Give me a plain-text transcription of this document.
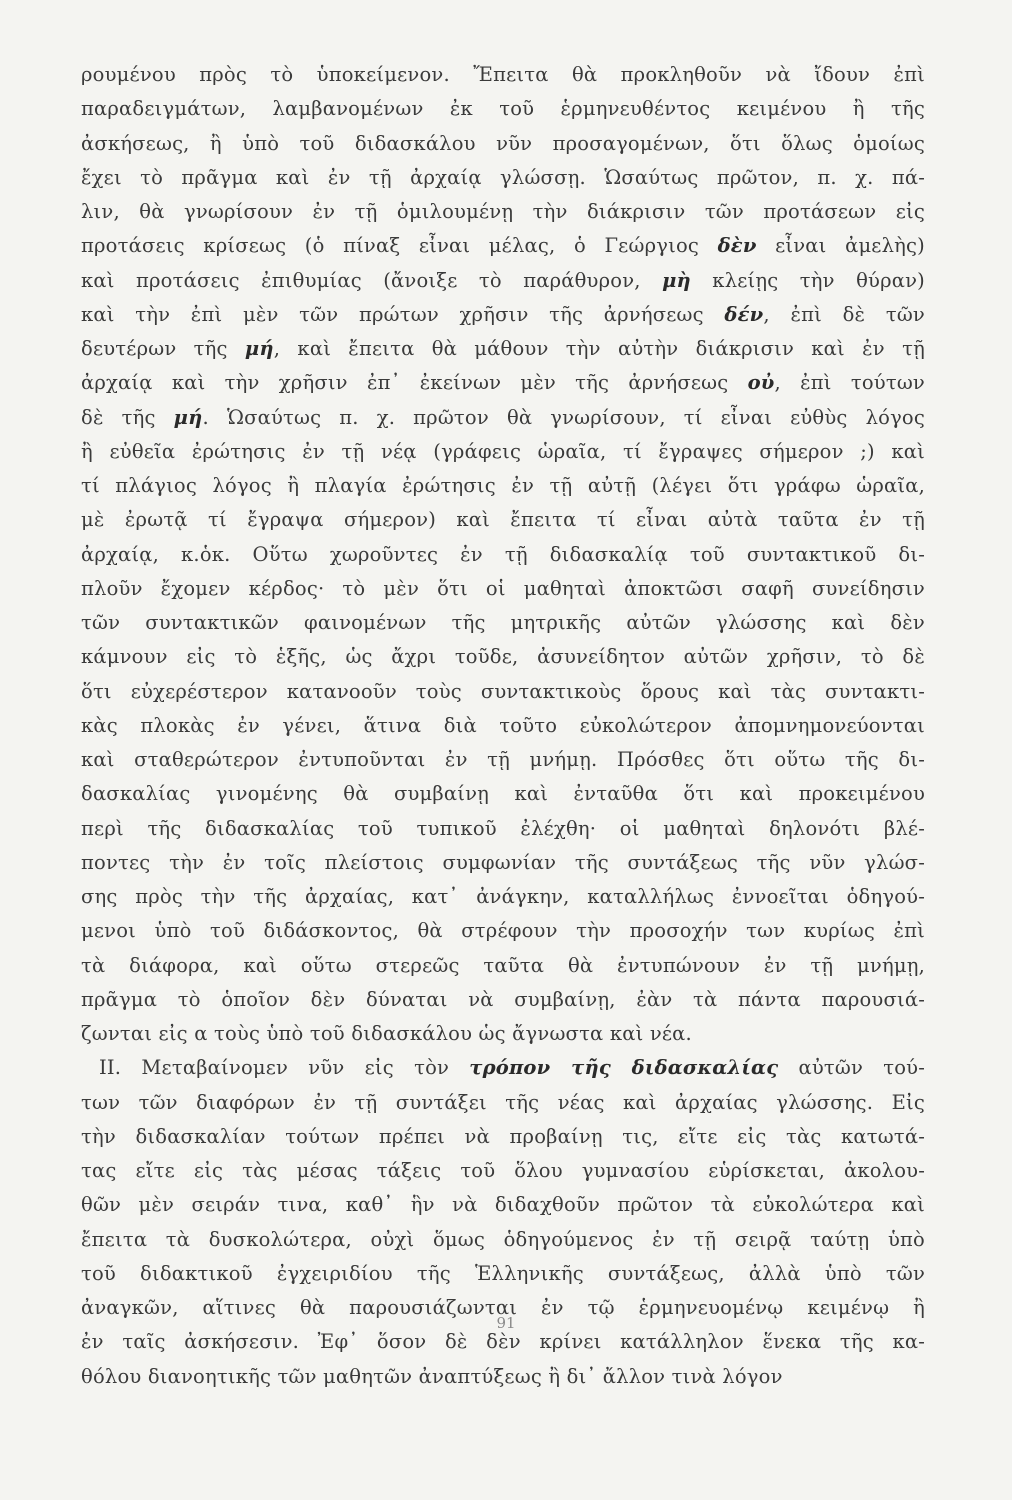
ρουμένου πρὸς τὸ ὑποκείμενον. Ἔπειτα θὰ προκληθοῦν νὰ ἴδουν ἐπὶ
παραδειγμάτων, λαμβανομένων ἐκ τοῦ ἑρμηνευθέντος κειμένου ἢ τῆς
ἀσκήσεως, ἢ ὑπὸ τοῦ διδασκάλου νῦν προσαγομένων, ὅτι ὅλως ὁμοίως
ἔχει τὸ πρᾶγμα καὶ ἐν τῇ ἀρχαίᾳ γλώσσῃ. Ὡσαύτως πρῶτον, π. χ. πά-
λιν, θὰ γνωρίσουν ἐν τῇ ὁμιλουμένῃ τὴν διάκρισιν τῶν προτάσεων εἰς
προτάσεις κρίσεως (ὁ πίναξ εἶναι μέλας, ὁ Γεώργιος δὲν εἶναι ἀμελὴς)
καὶ προτάσεις ἐπιθυμίας (ἄνοιξε τὸ παράθυρον, μὴ κλείῃς τὴν θύραν)
καὶ τὴν ἐπὶ μὲν τῶν πρώτων χρῆσιν τῆς ἀρνήσεως δέν, ἐπὶ δὲ τῶν
δευτέρων τῆς μή, καὶ ἔπειτα θὰ μάθουν τὴν αὐτὴν διάκρισιν καὶ ἐν τῇ
ἀρχαίᾳ καὶ τὴν χρῆσιν ἐπ᾿ ἐκείνων μὲν τῆς ἀρνήσεως οὐ, ἐπὶ τούτων
δὲ τῆς μή. Ὡσαύτως π. χ. πρῶτον θὰ γνωρίσουν, τί εἶναι εὐθὺς λόγος
ἢ εὐθεῖα ἐρώτησις ἐν τῇ νέᾳ (γράφεις ὡραῖα, τί ἔγραψες σήμερον ;) καὶ
τί πλάγιος λόγος ἢ πλαγία ἐρώτησις ἐν τῇ αὐτῇ (λέγει ὅτι γράφω ὡραῖα,
μὲ ἐρωτᾷ τί ἔγραψα σήμερον) καὶ ἔπειτα τί εἶναι αὐτὰ ταῦτα ἐν τῇ
ἀρχαίᾳ, κ.ὁκ. Οὕτω χωροῦντες ἐν τῇ διδασκαλίᾳ τοῦ συντακτικοῦ δι-
πλοῦν ἔχομεν κέρδος· τὸ μὲν ὅτι οἱ μαθηταὶ ἀποκτῶσι σαφῆ συνείδησιν
τῶν συντακτικῶν φαινομένων τῆς μητρικῆς αὐτῶν γλώσσης καὶ δὲν
κάμνουν εἰς τὸ ἑξῆς, ὡς ἄχρι τοῦδε, ἀσυνείδητον αὐτῶν χρῆσιν, τὸ δὲ
ὅτι εὐχερέστερον κατανοοῦν τοὺς συντακτικοὺς ὅρους καὶ τὰς συντακτι-
κὰς πλοκὰς ἐν γένει, ἅτινα διὰ τοῦτο εὐκολώτερον ἀπομνημονεύονται
καὶ σταθερώτερον ἐντυποῦνται ἐν τῇ μνήμῃ. Πρόσθες ὅτι οὕτω τῆς δι-
δασκαλίας γινομένης θὰ συμβαίνῃ καὶ ἐνταῦθα ὅτι καὶ προκειμένου
περὶ τῆς διδασκαλίας τοῦ τυπικοῦ ἐλέχθη· οἱ μαθηταὶ δηλονότι βλέ-
ποντες τὴν ἐν τοῖς πλείστοις συμφωνίαν τῆς συντάξεως τῆς νῦν γλώσ-
σης πρὸς τὴν τῆς ἀρχαίας, κατ᾿ ἀνάγκην, καταλλήλως ἐννοεῖται ὁδηγού-
μενοι ὑπὸ τοῦ διδάσκοντος, θὰ στρέφουν τὴν προσοχήν των κυρίως ἐπὶ
τὰ διάφορα, καὶ οὕτω στερεῶς ταῦτα θὰ ἐντυπώνουν ἐν τῇ μνήμῃ,
πρᾶγμα τὸ ὁποῖον δὲν δύναται νὰ συμβαίνῃ, ἐὰν τὰ πάντα παρουσιά-
ζωνται εἰς α τοὺς ὑπὸ τοῦ διδασκάλου ὡς ἄγνωστα καὶ νέα.
II. Μεταβαίνομεν νῦν εἰς τὸν τρόπον τῆς διδασκαλίας αὐτῶν τού-
των τῶν διαφόρων ἐν τῇ συντάξει τῆς νέας καὶ ἀρχαίας γλώσσης. Εἰς
τὴν διδασκαλίαν τούτων πρέπει νὰ προβαίνῃ τις, εἴτε εἰς τὰς κατωτά-
τας εἴτε εἰς τὰς μέσας τάξεις τοῦ ὅλου γυμνασίου εὑρίσκεται, ἀκολου-
θῶν μὲν σειράν τινα, καθ᾿ ἣν νὰ διδαχθοῦν πρῶτον τὰ εὐκολώτερα καὶ
ἔπειτα τὰ δυσκολώτερα, οὐχὶ ὅμως ὁδηγούμενος ἐν τῇ σειρᾷ ταύτῃ ὑπὸ
τοῦ διδακτικοῦ ἐγχειριδίου τῆς Ἑλληνικῆς συντάξεως, ἀλλὰ ὑπὸ τῶν
ἀναγκῶν, αἵτινες θὰ παρουσιάζωνται ἐν τῷ ἑρμηνευομένῳ κειμένῳ ἢ
ἐν ταῖς ἀσκήσεσιν. Ἐφ᾿ ὅσον δὲ δὲν κρίνει κατάλληλον ἕνεκα τῆς κα-
θόλου διανοητικῆς τῶν μαθητῶν ἀναπτύξεως ἢ δι᾿ ἄλλον τινὰ λόγον
91
